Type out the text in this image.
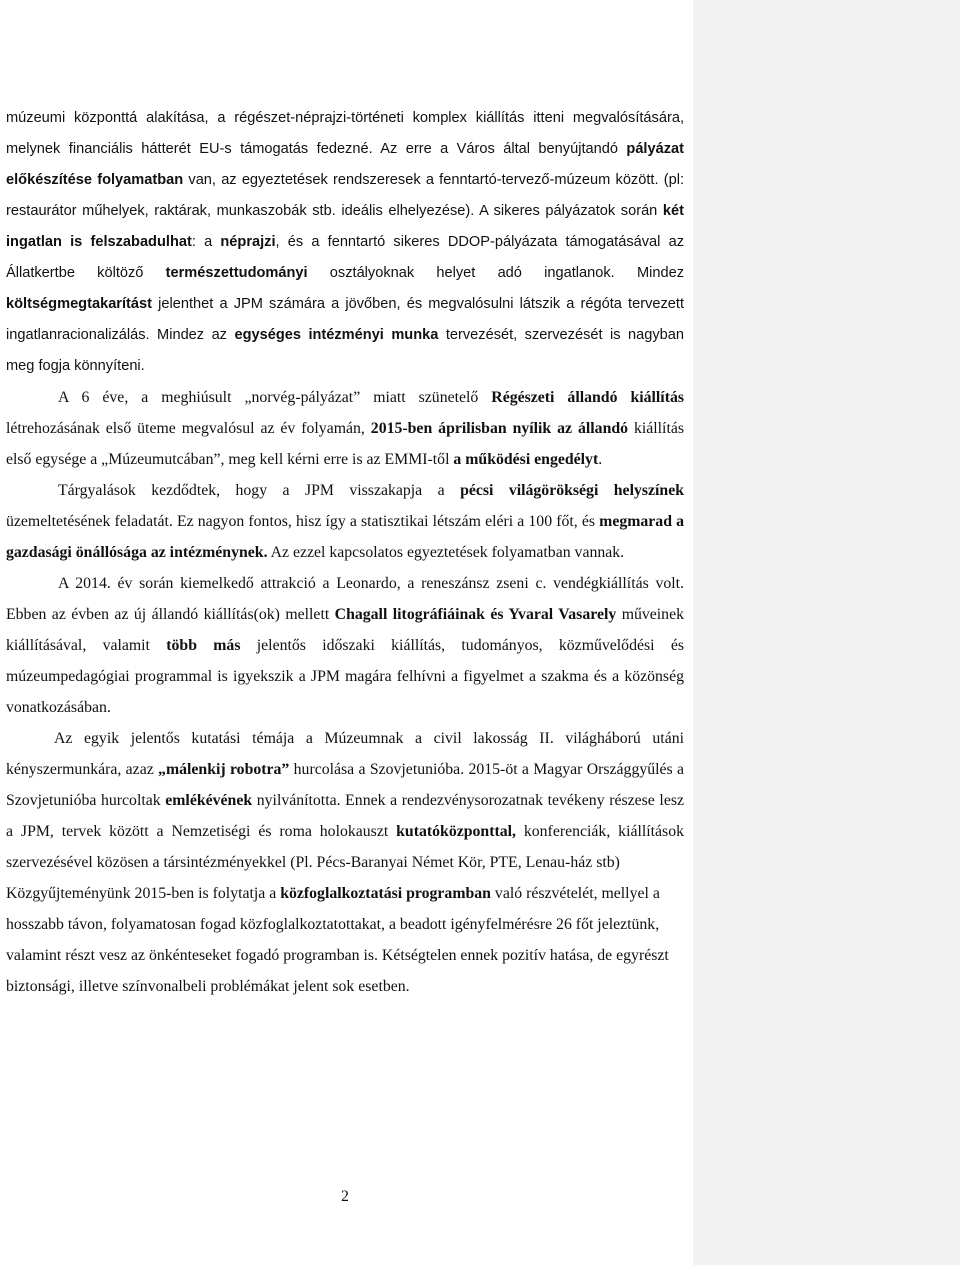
múzeumi központtá alakítása, a régészet-néprajzi-történeti komplex kiállítás itteni megvalósítására, melynek financiális hátterét EU-s támogatás fedezné. Az erre a Város által benyújtandó pályázat előkészítése folyamatban van, az egyeztetések rendszeresek a fenntartó-tervező-múzeum között. (pl: restaurátor műhelyek, raktárak, munkaszobák stb. ideális elhelyezése). A sikeres pályázatok során két ingatlan is felszabadulhat: a néprajzi, és a fenntartó sikeres DDOP-pályázata támogatásával az Állatkertbe költöző természettudományi osztályoknak helyet adó ingatlanok. Mindez költségmegtakarítást jelenthet a JPM számára a jövőben, és megvalósulni látszik a régóta tervezett ingatlanracionalizálás. Mindez az egységes intézményi munka tervezését, szervezését is nagyban meg fogja könnyíteni.

A 6 éve, a meghiúsult „norvég-pályázat” miatt szünetelő Régészeti állandó kiállítás létrehozásának első üteme megvalósul az év folyamán, 2015-ben áprilisban nyílik az állandó kiállítás első egysége a „Múzeumutcában”, meg kell kérni erre is az EMMI-től a működési engedélyt.

Tárgyalások kezdődtek, hogy a JPM visszakapja a pécsi világörökségi helyszínek üzemeltetésének feladatát. Ez nagyon fontos, hisz így a statisztikai létszám eléri a 100 főt, és megmarad a gazdasági önállósága az intézménynek. Az ezzel kapcsolatos egyeztetések folyamatban vannak.

A 2014. év során kiemelkedő attrakció a Leonardo, a reneszánsz zseni c. vendégkiállítás volt. Ebben az évben az új állandó kiállítás(ok) mellett Chagall litográfiáinak és Yvaral Vasarely műveinek kiállításával, valamit több más jelentős időszaki kiállítás, tudományos, közművelődési és múzeumpedagógiai programmal is igyekszik a JPM magára felhívni a figyelmet a szakma és a közönség vonatkozásában.

Az egyik jelentős kutatási témája a Múzeumnak a civil lakosság II. világháború utáni kényszermunkára, azaz „málenkij robotra” hurcolása a Szovjetunióba. 2015-öt a Magyar Országgyűlés a Szovjetunióba hurcoltak emlékévének nyilvánította. Ennek a rendezvénysorozatnak tevékeny részese lesz a JPM, tervek között a Nemzetiségi és roma holokauszt kutatóközponttal, konferenciák, kiállítások szervezésével közösen a társintézményekkel (Pl. Pécs-Baranyai Német Kör, PTE, Lenau-ház stb)

Közgyűjteményünk 2015-ben is folytatja a közfoglalkoztatási programban való részvételét, mellyel a hosszabb távon, folyamatosan fogad közfoglalkoztatottakat, a beadott igényfelmérésre 26 főt jeleztünk, valamint részt vesz az önkénteseket fogadó programban is. Kétségtelen ennek pozitív hatása, de egyrészt biztonsági, illetve színvonalbeli problémákat jelent sok esetben.

2
